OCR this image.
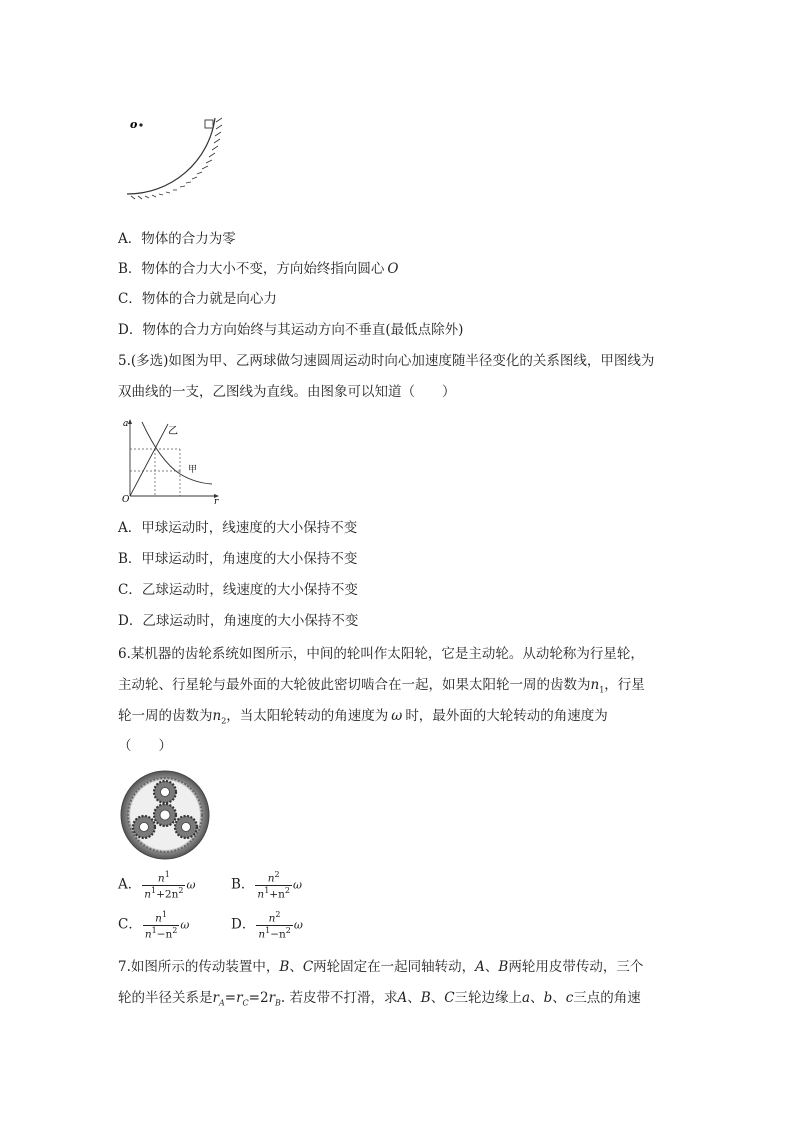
o
A．物体的合力为零
B．物体的合力大小不变，方向始终指向圆心 O
C．物体的合力就是向心力
D．物体的合力方向始终与其运动方向不垂直(最低点除外)
5.(多选)如图为甲、乙两球做匀速圆周运动时向心加速度随半径变化的关系图线，甲图线为
双曲线的一支，乙图线为直线。由图象可以知道（　　）
a
r
O
乙
甲
A．甲球运动时，线速度的大小保持不变
B．甲球运动时，角速度的大小保持不变
C．乙球运动时，线速度的大小保持不变
D．乙球运动时，角速度的大小保持不变
6.某机器的齿轮系统如图所示，中间的轮叫作太阳轮，它是主动轮。从动轮称为行星轮，
主动轮、行星轮与最外面的大轮彼此密切啮合在一起，如果太阳轮一周的齿数为$n_1$，行星
轮一周的齿数为$n_2$，当太阳轮转动的角速度为 ω 时，最外面的大轮转动的角速度为
（　　）
A． $\frac{n^1}{n^1+2n^2}$ ω	B． $\frac{n^2}{n^1+n^2}$ ω
C． $\frac{n^1}{n^1-n^2}$ ω	D． $\frac{n^2}{n^1-n^2}$ ω
7.如图所示的传动装置中，B、C两轮固定在一起同轴转动，A、B两轮用皮带传动，三个
轮的半径关系是$r_A=r_C=2r_B$. 若皮带不打滑，求A、B、C三轮边缘上a、b、c三点的角速
